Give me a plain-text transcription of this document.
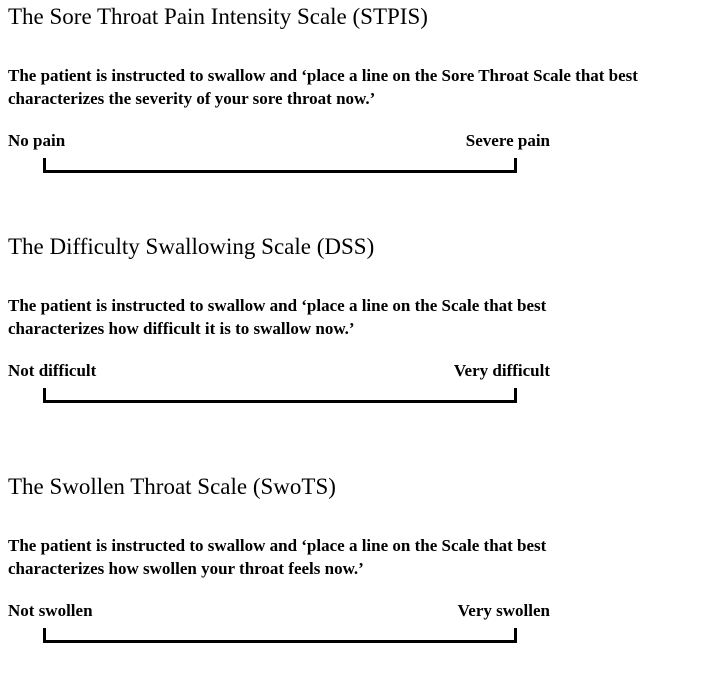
The Sore Throat Pain Intensity Scale (STPIS)

The patient is instructed to swallow and ‘place a line on the Sore Throat Scale that best
characterizes the severity of your sore throat now.’

No pain	Severe pain

The Difficulty Swallowing Scale (DSS)

The patient is instructed to swallow and ‘place a line on the Scale that best
characterizes how difficult it is to swallow now.’

Not difficult	Very difficult

The Swollen Throat Scale (SwoTS)

The patient is instructed to swallow and ‘place a line on the Scale that best
characterizes how swollen your throat feels now.’

Not swollen	Very swollen
